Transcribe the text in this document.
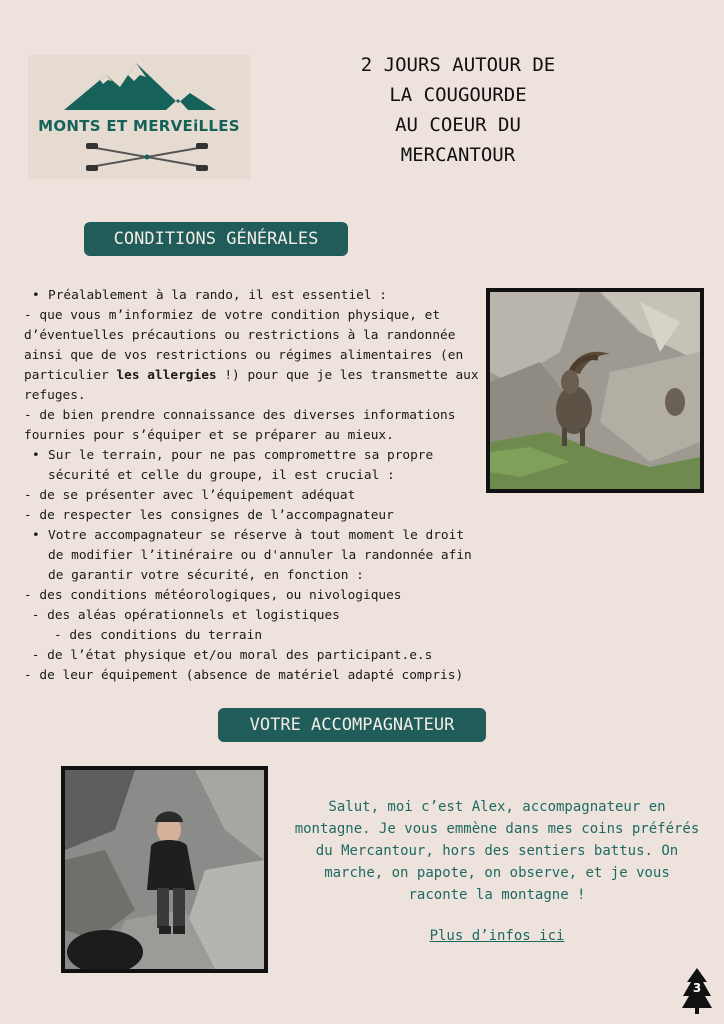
MONTS ET MERVEiLLES
2 JOURS AUTOUR DE
LA COUGOURDE
AU COEUR DU
MERCANTOUR
CONDITIONS GÉNÉRALES
• Préalablement à la rando, il est essentiel :
- que vous m’informiez de votre condition physique, et
d’éventuelles précautions ou restrictions à la randonnée
ainsi que de vos restrictions ou régimes alimentaires (en
particulier les allergies !) pour que je les transmette aux
refuges.
- de bien prendre connaissance des diverses informations
fournies pour s’équiper et se préparer au mieux.
• Sur le terrain, pour ne pas compromettre sa propre
sécurité et celle du groupe, il est crucial :
- de se présenter avec l’équipement adéquat
- de respecter les consignes de l’accompagnateur
• Votre accompagnateur se réserve à tout moment le droit
de modifier l’itinéraire ou d'annuler la randonnée afin
de garantir votre sécurité, en fonction :
- des conditions météorologiques, ou nivologiques
- des aléas opérationnels et logistiques
- des conditions du terrain
- de l’état physique et/ou moral des participant.e.s
- de leur équipement (absence de matériel adapté compris)
VOTRE ACCOMPAGNATEUR
Salut, moi c’est Alex, accompagnateur en montagne. Je vous emmène dans mes coins préférés du Mercantour, hors des sentiers battus. On marche, on papote, on observe, et je vous raconte la montagne !
Plus d’infos ici
3
